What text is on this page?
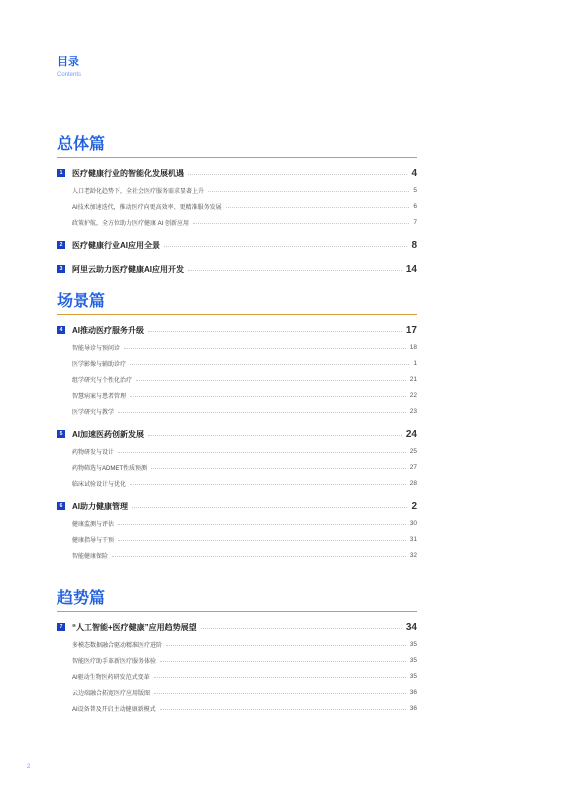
目录
Contents
总体篇
1	医疗健康行业的智能化发展机遇	4
人口老龄化趋势下，全社会医疗服务需求显著上升	5
AI技术加速迭代，推动医疗向更高效率、更精准服务发展	6
政策护航，全方位助力医疗健康 AI 创新应用	7
2	医疗健康行业AI应用全景	8
3	阿里云助力医疗健康AI应用开发	14
场景篇
4	AI推动医疗服务升级	17
智能导诊与预问诊	18
医学影像与辅助诊疗	1
组学研究与个性化治疗	21
智慧病案与患者管理	22
医学研究与教学	23
5	AI加速医药创新发展	24
药物研发与设计	25
药物筛选与ADMET性质预测	27
临床试验设计与优化	28
6	AI助力健康管理	2
健康监测与评估	30
健康指导与干预	31
智能健康保险	32
趋势篇
7	“人工智能+医疗健康”应用趋势展望	34
多模态数据融合驱动精准医疗进阶	35
智能医疗助手革新医疗服务体验	35
AI驱动生物医药研发范式变革	35
云边端融合拓宽医疗应用版图	36
AI设备普及开启主动健康新模式	36
2
